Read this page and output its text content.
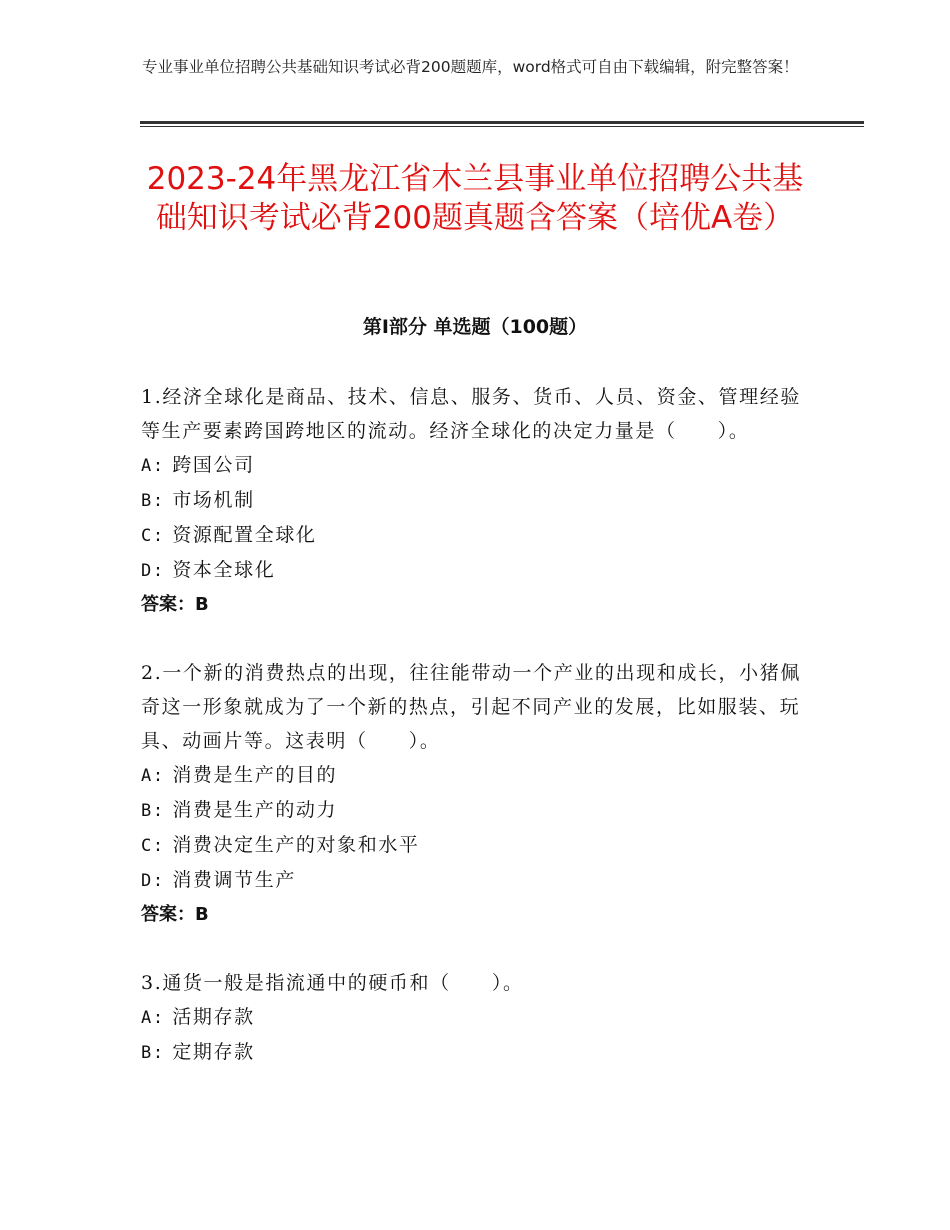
专业事业单位招聘公共基础知识考试必背200题题库，word格式可自由下载编辑，附完整答案！
2023-24年黑龙江省木兰县事业单位招聘公共基础知识考试必背200题真题含答案（培优A卷）
第Ⅰ部分 单选题（100题）
1.经济全球化是商品、技术、信息、服务、货币、人员、资金、管理经验等生产要素跨国跨地区的流动。经济全球化的决定力量是（　　）。
A: 跨国公司
B: 市场机制
C: 资源配置全球化
D: 资本全球化
答案：B
2.一个新的消费热点的出现，往往能带动一个产业的出现和成长，小猪佩奇这一形象就成为了一个新的热点，引起不同产业的发展，比如服装、玩具、动画片等。这表明（　　）。
A: 消费是生产的目的
B: 消费是生产的动力
C: 消费决定生产的对象和水平
D: 消费调节生产
答案：B
3.通货一般是指流通中的硬币和（　　）。
A: 活期存款
B: 定期存款
